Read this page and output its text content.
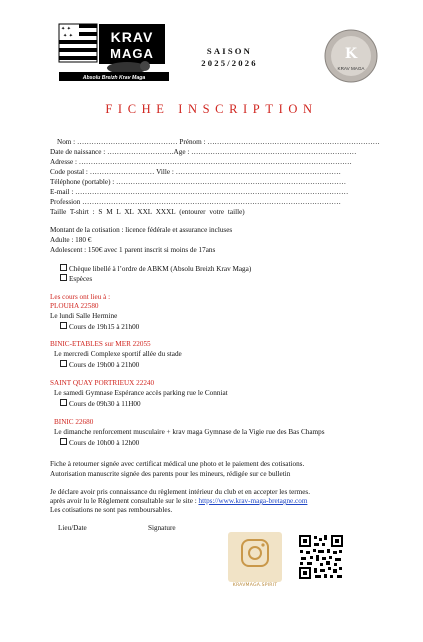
✦ ✦
✦ ✦	KRAV
MAGA
Absolu Breizh Krav Maga
SAISON
2025/2026
K
KRAV MAGA
FICHE INSCRIPTION
Nom : …………………………………… Prénom : ………………………………………………………………
Date de naissance : ……………………….Age : ……………………………………………………………
Adresse : ……………………………………………………………………………………………………
Code postal : ……………………… Ville : ……………………………………………………………
Téléphone (portable) : ……………………………………………………………………………………
E-mail : ……………………………………………………………………………………………………
Profession ………………………………………………………………………………………………
Taille T-shirt : S M L XL XXL XXXL (entourer votre taille)
Montant de la cotisation : licence fédérale et assurance incluses
Adulte : 180 €
Adolescent : 150€ avec 1 parent inscrit si moins de 17ans
Chèque libellé à l’ordre de ABKM (Absolu Breizh Krav Maga)
Espèces
Les cours ont lieu à :
PLOUHA 22580
Le lundi Salle Hermine
Cours de 19h15 à 21h00
BINIC-ETABLES sur MER 22055
Le mercredi Complexe sportif allée du stade
Cours de 19h00 à 21h00
SAINT QUAY PORTRIEUX 22240
Le samedi Gymnase Espérance accès parking rue le Conniat
Cours de 09h30 à 11H00
BINIC 22680
Le dimanche renforcement musculaire + krav maga Gymnase de la Vigie rue des Bas Champs
Cours de 10h00 à 12h00
Fiche à retourner signée avec certificat médical une photo et le paiement des cotisations.
Autorisation manuscrite signée des parents pour les mineurs, rédigée sur ce bulletin
Je déclare avoir pris connaissance du règlement intérieur du club et en accepter les termes.
après avoir lu le Règlement consultable sur le site : https://www.krav-maga-bretagne.com
Les cotisations ne sont pas remboursables.
Lieu/Date	Signature
KRAVMAGA.SPIRIT
